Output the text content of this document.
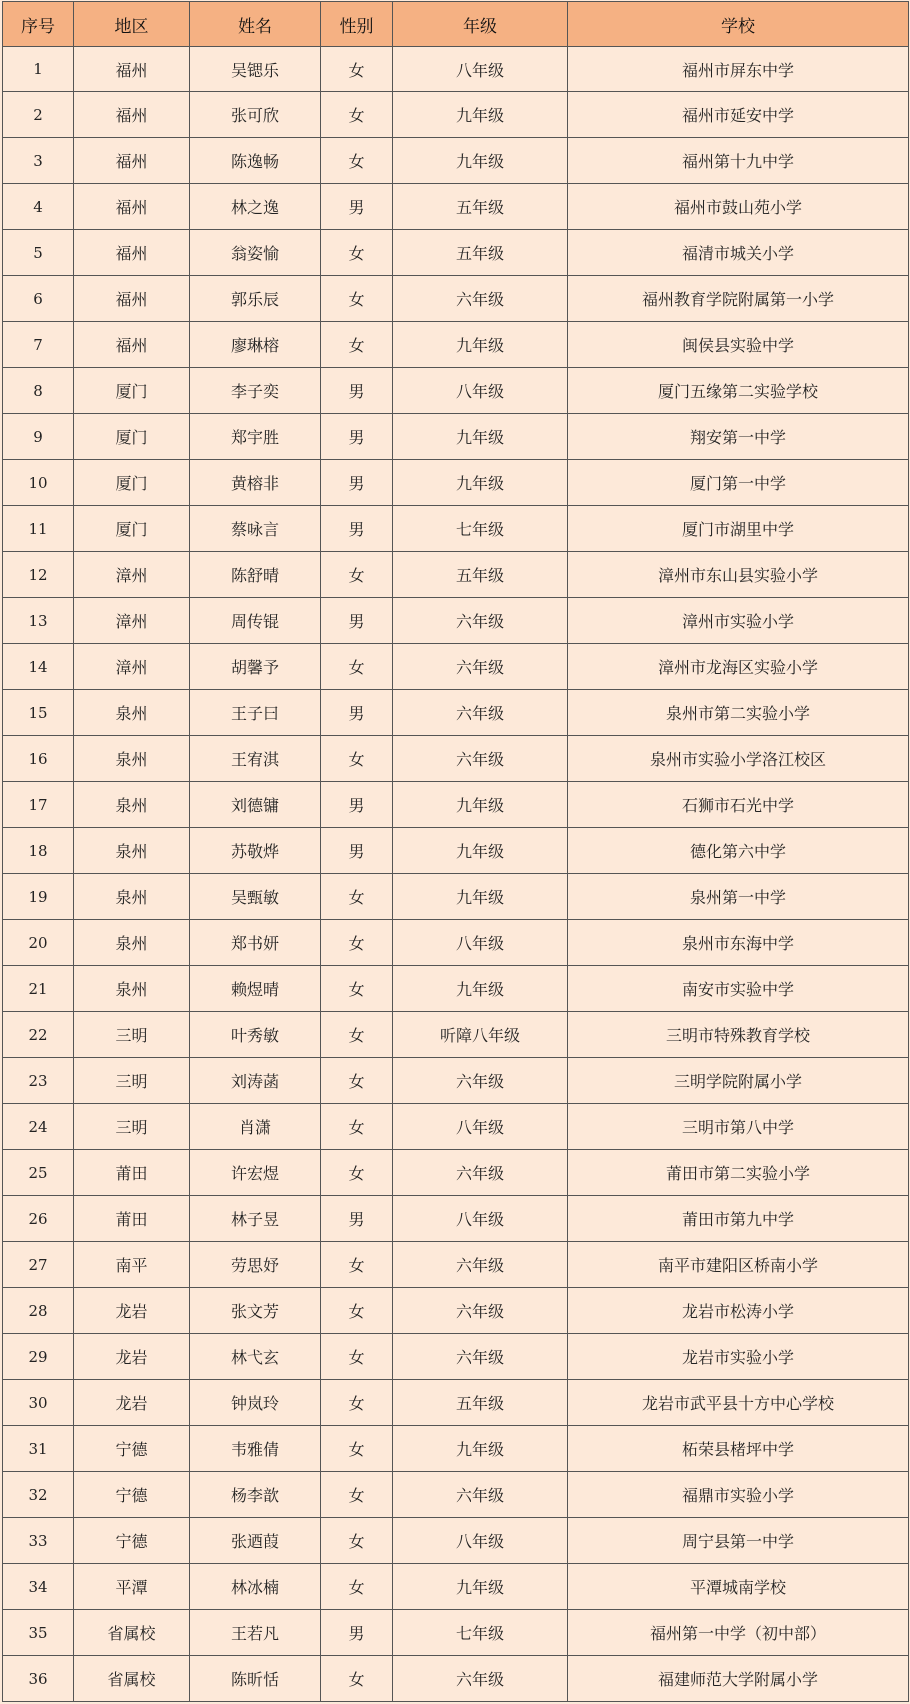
序号	地区	姓名	性别	年级	学校
1	福州	吴锶乐	女	八年级	福州市屏东中学
2	福州	张可欣	女	九年级	福州市延安中学
3	福州	陈逸畅	女	九年级	福州第十九中学
4	福州	林之逸	男	五年级	福州市鼓山苑小学
5	福州	翁姿愉	女	五年级	福清市城关小学
6	福州	郭乐辰	女	六年级	福州教育学院附属第一小学
7	福州	廖琳榕	女	九年级	闽侯县实验中学
8	厦门	李子奕	男	八年级	厦门五缘第二实验学校
9	厦门	郑宇胜	男	九年级	翔安第一中学
10	厦门	黄榕非	男	九年级	厦门第一中学
11	厦门	蔡咏言	男	七年级	厦门市湖里中学
12	漳州	陈舒晴	女	五年级	漳州市东山县实验小学
13	漳州	周传锟	男	六年级	漳州市实验小学
14	漳州	胡馨予	女	六年级	漳州市龙海区实验小学
15	泉州	王子曰	男	六年级	泉州市第二实验小学
16	泉州	王宥淇	女	六年级	泉州市实验小学洛江校区
17	泉州	刘德镛	男	九年级	石狮市石光中学
18	泉州	苏敬烨	男	九年级	德化第六中学
19	泉州	吴甄敏	女	九年级	泉州第一中学
20	泉州	郑书妍	女	八年级	泉州市东海中学
21	泉州	赖煜晴	女	九年级	南安市实验中学
22	三明	叶秀敏	女	听障八年级	三明市特殊教育学校
23	三明	刘涛菡	女	六年级	三明学院附属小学
24	三明	肖潇	女	八年级	三明市第八中学
25	莆田	许宏煜	女	六年级	莆田市第二实验小学
26	莆田	林子昱	男	八年级	莆田市第九中学
27	南平	劳思妤	女	六年级	南平市建阳区桥南小学
28	龙岩	张文芳	女	六年级	龙岩市松涛小学
29	龙岩	林弋玄	女	六年级	龙岩市实验小学
30	龙岩	钟岚玲	女	五年级	龙岩市武平县十方中心学校
31	宁德	韦雅倩	女	九年级	柘荣县楮坪中学
32	宁德	杨李歆	女	六年级	福鼎市实验小学
33	宁德	张迺葭	女	八年级	周宁县第一中学
34	平潭	林冰楠	女	九年级	平潭城南学校
35	省属校	王若凡	男	七年级	福州第一中学（初中部）
36	省属校	陈昕恬	女	六年级	福建师范大学附属小学
